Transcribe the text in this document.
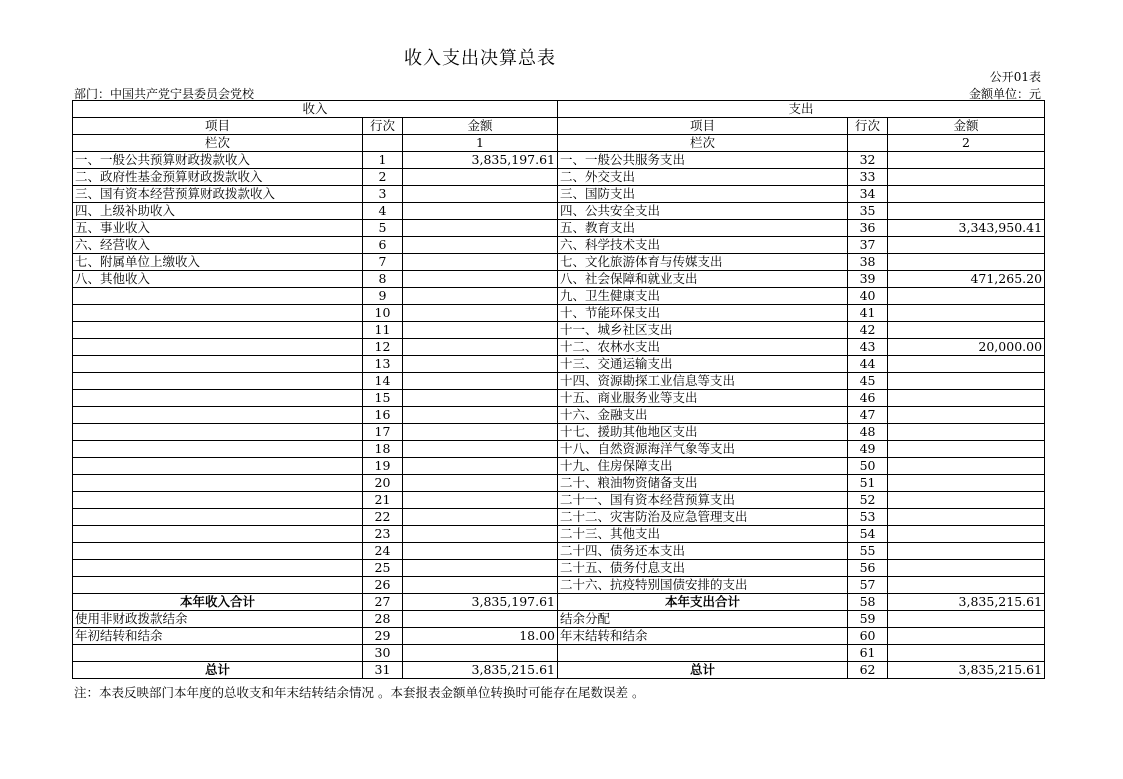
收入支出决算总表
公开01表
部门：中国共产党宁县委员会党校	金额单位：元
收入			支出		
项目	行次	金额	项目	行次	金额
栏次		1	栏次		2
一、一般公共预算财政拨款收入	1	3,835,197.61	一、一般公共服务支出	32	
二、政府性基金预算财政拨款收入	2		二、外交支出	33	
三、国有资本经营预算财政拨款收入	3		三、国防支出	34	
四、上级补助收入	4		四、公共安全支出	35	
五、事业收入	5		五、教育支出	36	3,343,950.41
六、经营收入	6		六、科学技术支出	37	
七、附属单位上缴收入	7		七、文化旅游体育与传媒支出	38	
八、其他收入	8		八、社会保障和就业支出	39	471,265.20
	9		九、卫生健康支出	40	
	10		十、节能环保支出	41	
	11		十一、城乡社区支出	42	
	12		十二、农林水支出	43	20,000.00
	13		十三、交通运输支出	44	
	14		十四、资源勘探工业信息等支出	45	
	15		十五、商业服务业等支出	46	
	16		十六、金融支出	47	
	17		十七、援助其他地区支出	48	
	18		十八、自然资源海洋气象等支出	49	
	19		十九、住房保障支出	50	
	20		二十、粮油物资储备支出	51	
	21		二十一、国有资本经营预算支出	52	
	22		二十二、灾害防治及应急管理支出	53	
	23		二十三、其他支出	54	
	24		二十四、债务还本支出	55	
	25		二十五、债务付息支出	56	
	26		二十六、抗疫特别国债安排的支出	57	
本年收入合计	27	3,835,197.61	本年支出合计	58	3,835,215.61
使用非财政拨款结余	28		结余分配	59	
年初结转和结余	29	18.00	年末结转和结余	60	
	30			61	
总计	31	3,835,215.61	总计	62	3,835,215.61
注：本表反映部门本年度的总收支和年末结转结余情况 。本套报表金额单位转换时可能存在尾数误差 。
